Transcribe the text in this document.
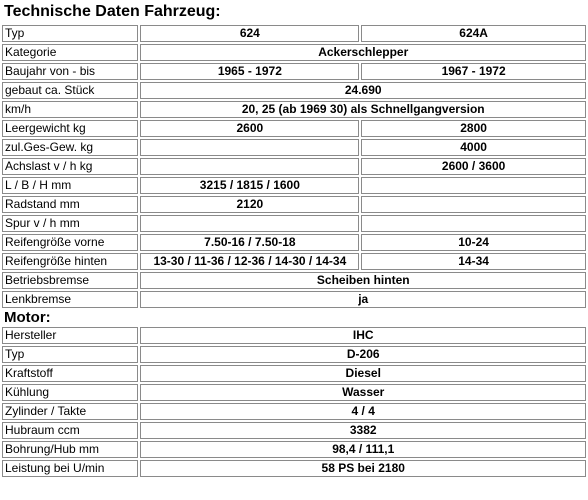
Technische Daten Fahrzeug:
Typ	624	624A
Kategorie	Ackerschlepper	
Baujahr von - bis	1965 - 1972	1967 - 1972
gebaut ca. Stück	24.690	
km/h	20, 25 (ab 1969 30) als Schnellgangversion	
Leergewicht kg	2600	2800
zul.Ges-Gew. kg		4000
Achslast v / h kg		2600 / 3600
L / B / H mm	3215 / 1815 / 1600	
Radstand mm	2120	
Spur v / h mm		
Reifengröße vorne	7.50-16 / 7.50-18	10-24
Reifengröße hinten	13-30 / 11-36 / 12-36 / 14-30 / 14-34	14-34
Betriebsbremse	Scheiben hinten	
Lenkbremse	ja	
Motor:		
Hersteller	IHC	
Typ	D-206	
Kraftstoff	Diesel	
Kühlung	Wasser	
Zylinder / Takte	4 / 4	
Hubraum ccm	3382	
Bohrung/Hub mm	98,4 / 111,1	
Leistung bei U/min	58 PS bei 2180	
